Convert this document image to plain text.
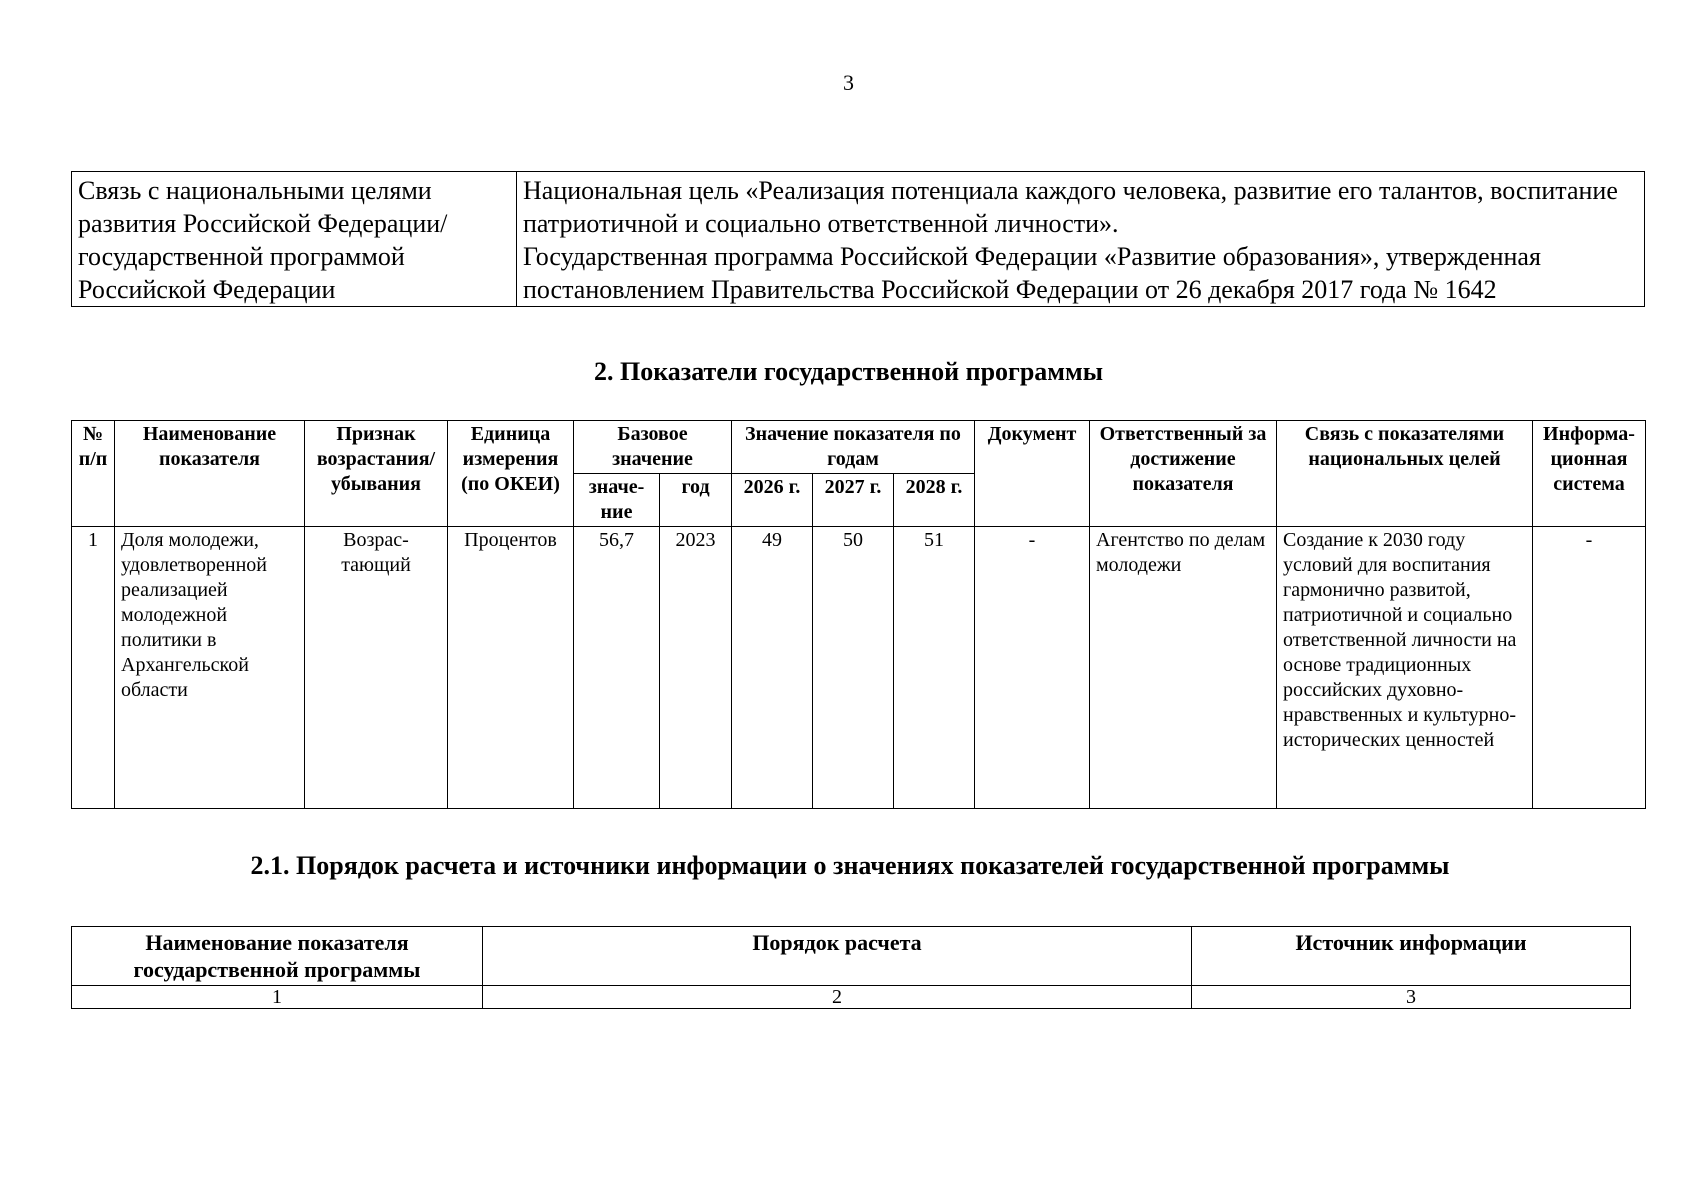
3
Связь с национальными целями развития Российской Федерации/ государственной программой Российской Федерации	
Национальная цель «Реализация потенциала каждого человека, развитие его талантов, воспитание патриотичной и социально ответственной личности».
Государственная программа Российской Федерации «Развитие образования», утвержденная постановлением Правительства Российской Федерации от 26 декабря 2017 года № 1642
2. Показатели государственной программы
№ п/п	Наименование показателя	Признак возрастания/ убывания	Единица измерения (по ОКЕИ)	Базовое значение		Значение показателя по годам			Документ	Ответственный за достижение показателя	Связь с показателями национальных целей	Информа-ционная система
				значе-ние	год	2026 г.	2027 г.	2028 г.				
1	Доля молодежи, удовлетворенной реализацией молодежной политики в Архангельской области	Возрас-тающий	Процентов	56,7	2023	49	50	51	-	Агентство по делам молодежи	Создание к 2030 году условий для воспитания гармонично развитой, патриотичной и социально ответственной личности на основе традиционных российских духовно-нравственных и культурно-исторических ценностей	-
2.1. Порядок расчета и источники информации о значениях показателей государственной программы
Наименование показателя государственной программы	Порядок расчета	Источник информации
1	2	3
